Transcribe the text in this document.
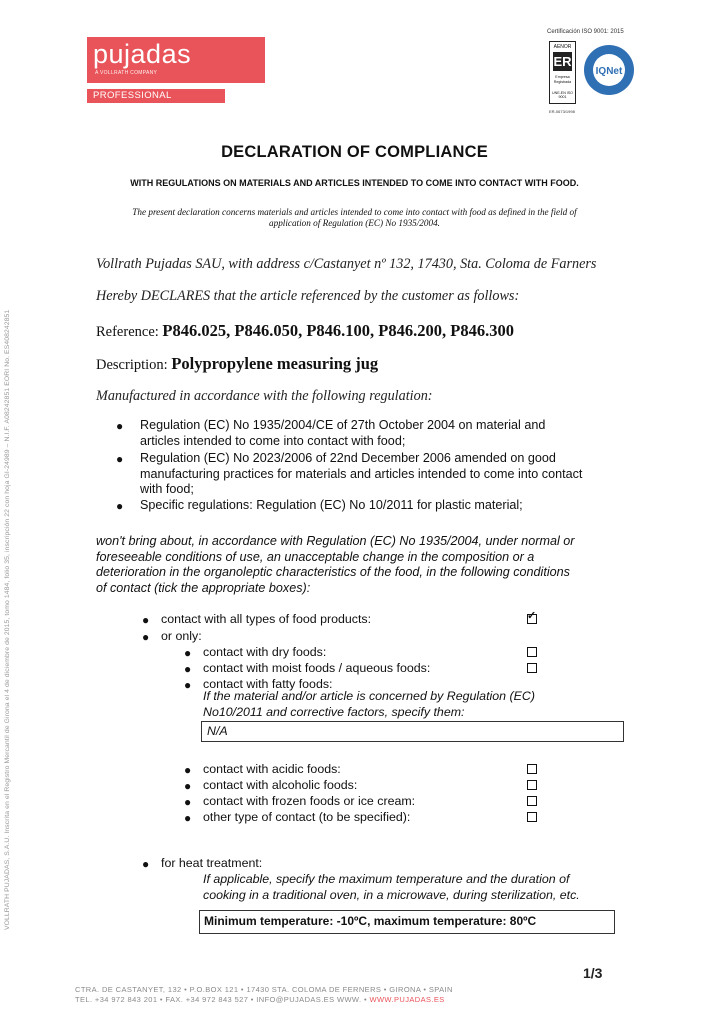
pujadas
A VOLLRATH COMPANY
PROFESSIONAL COOKWARE
Certificación ISO 9001: 2015
AENOR
ER
Empresa
Registrada
UNE-EN ISO 9001
ER-0673/1998
IQNet
DECLARATION OF COMPLIANCE
WITH REGULATIONS ON MATERIALS AND ARTICLES INTENDED TO COME INTO CONTACT WITH FOOD.
The present declaration concerns materials and articles intended to come into contact with food as defined in the field of
application of Regulation (EC) No 1935/2004.
Vollrath Pujadas SAU, with address c/Castanyet nº 132, 17430, Sta. Coloma de Farners
Hereby DECLARES that the article referenced by the customer as follows:
Reference: P846.025, P846.050, P846.100, P846.200, P846.300
Description: Polypropylene measuring jug
Manufactured in accordance with the following regulation:
● Regulation (EC) No 1935/2004/CE of 27th October 2004 on material and
articles intended to come into contact with food;
● Regulation (EC) No 2023/2006 of 22nd December 2006 amended on good
manufacturing practices for materials and articles intended to come into contact
with food;
● Specific regulations: Regulation (EC) No 10/2011 for plastic material;
won't bring about, in accordance with Regulation (EC) No 1935/2004, under normal or
foreseeable conditions of use, an unacceptable change in the composition or a
deterioration in the organoleptic characteristics of the food, in the following conditions
of contact (tick the appropriate boxes):
● contact with all types of food products:	✓
● or only:
● contact with dry foods:
● contact with moist foods / aqueous foods:
● contact with fatty foods:
If the material and/or article is concerned by Regulation (EC)
No10/2011 and corrective factors, specify them:
N/A
● contact with acidic foods:
● contact with alcoholic foods:
● contact with frozen foods or ice cream:
● other type of contact (to be specified):
● for heat treatment:
If applicable, specify the maximum temperature and the duration of
cooking in a traditional oven, in a microwave, during sterilization, etc.
Minimum temperature: -10ºC, maximum temperature: 80ºC
1/3
CTRA. DE CASTANYET, 132 • P.O.BOX 121 • 17430 STA. COLOMA DE FERNERS • GIRONA • SPAIN
TEL. +34 972 843 201 • FAX. +34 972 843 527 • INFO@PUJADAS.ES WWW. • WWW.PUJADAS.ES
VOLLRATH PUJADAS, S.A.U. Inscrita en el Registro Mercantil de Girona el 4 de diciembre de 2015, tomo 1484, folio 35, inscripción 22 con hoja GI-24989 – N.I.F. A08242851 EORI No. ES408242851
